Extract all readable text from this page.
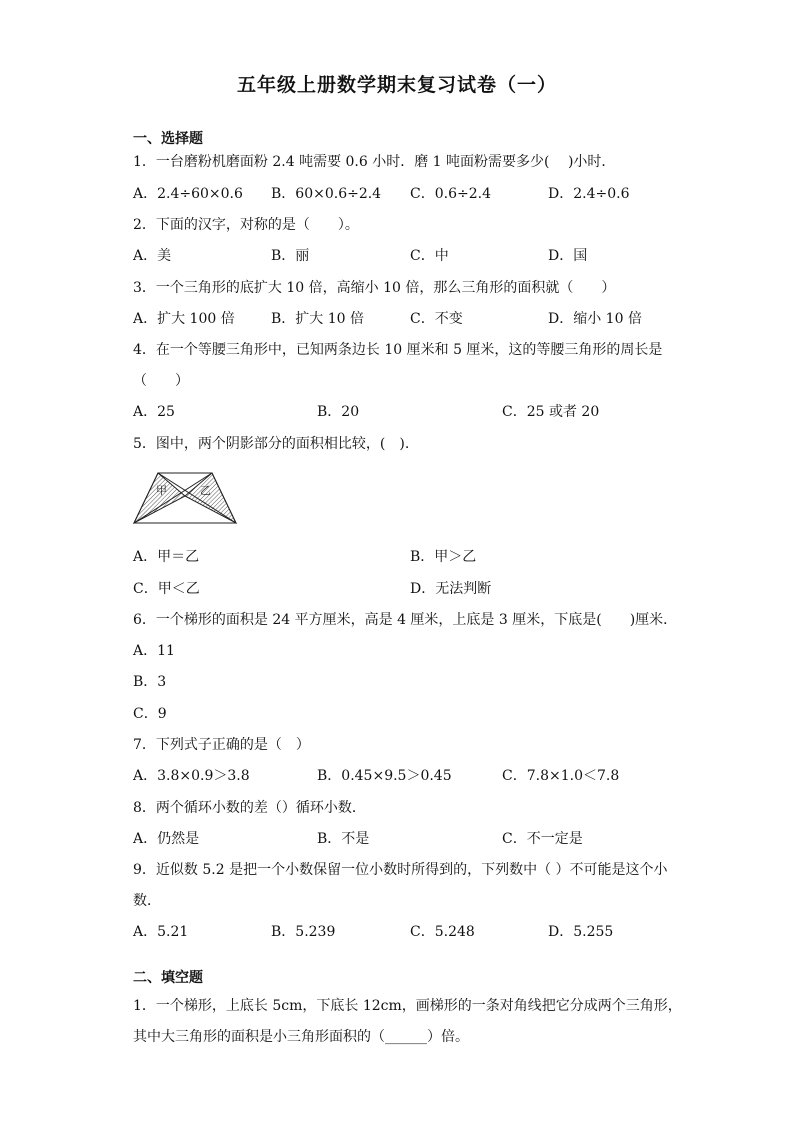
五年级上册数学期末复习试卷（一）
一、选择题
1．一台磨粉机磨面粉 2.4 吨需要 0.6 小时．磨 1 吨面粉需要多少(　 )小时．
A．2.4÷60×0.6 B．60×0.6÷2.4 C．0.6÷2.4	D．2.4÷0.6
2．下面的汉字，对称的是（　　）。
A．美	B．丽	C．中	D．国
3．一个三角形的底扩大 10 倍，高缩小 10 倍，那么三角形的面积就（　　）
A．扩大 100 倍	B．扩大 10 倍	C．不变	D．缩小 10 倍
4．在一个等腰三角形中，已知两条边长 10 厘米和 5 厘米，这的等腰三角形的周长是
（　　）
A．25	B．20	C．25 或者 20
5．图中，两个阴影部分的面积相比较，(　).
甲	乙
A．甲＝乙	B．甲＞乙
C．甲＜乙	D．无法判断
6．一个梯形的面积是 24 平方厘米，高是 4 厘米，上底是 3 厘米，下底是(　　)厘米．
A．11
B．3
C．9
7．下列式子正确的是（　）
A．3.8×0.9＞3.8	B．0.45×9.5＞0.45	C．7.8×1.0＜7.8
8．两个循环小数的差（）循环小数．
A．仍然是	B．不是	C．不一定是
9．近似数 5.2 是把一个小数保留一位小数时所得到的，下列数中（ ）不可能是这个小
数．
A．5.21	B．5.239	C．5.248	D．5.255
二、填空题
1．一个梯形，上底长 5cm，下底长 12cm，画梯形的一条对角线把它分成两个三角形，
其中大三角形的面积是小三角形面积的（______）倍。
